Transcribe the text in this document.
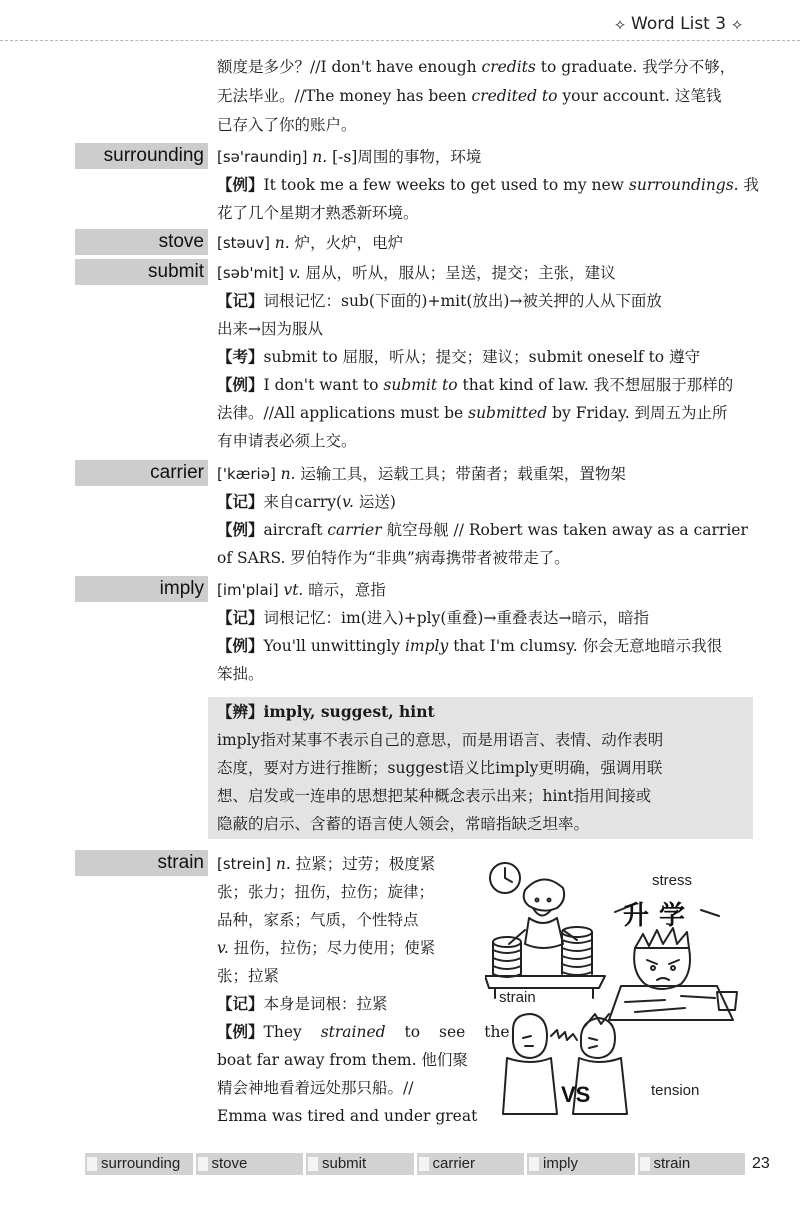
⟡ Word List 3 ⟡
额度是多少？//I don't have enough credits to graduate. 我学分不够，
无法毕业。//The money has been credited to your account. 这笔钱
已存入了你的账户。
surrounding [sə'raundiŋ] n. [-s]周围的事物，环境
【例】It took me a few weeks to get used to my new surroundings. 我
花了几个星期才熟悉新环境。
stove [stəuv] n. 炉，火炉，电炉
submit [səb'mit] v. 屈从，听从，服从；呈送，提交；主张，建议
【记】词根记忆：sub(下面的)+mit(放出)→被关押的人从下面放
出来→因为服从
【考】submit to 屈服，听从；提交；建议；submit oneself to 遵守
【例】I don't want to submit to that kind of law. 我不想屈服于那样的
法律。//All applications must be submitted by Friday. 到周五为止所
有申请表必须上交。
carrier ['kæriə] n. 运输工具，运载工具；带菌者；载重架，置物架
【记】来自carry(v. 运送)
【例】aircraft carrier 航空母舰 // Robert was taken away as a carrier
of SARS. 罗伯特作为“非典”病毒携带者被带走了。
imply [im'plai] vt. 暗示，意指
【记】词根记忆：im(进入)+ply(重叠)→重叠表达→暗示，暗指
【例】You'll unwittingly imply that I'm clumsy. 你会无意地暗示我很
笨拙。
【辨】imply, suggest, hint
imply指对某事不表示自己的意思，而是用语言、表情、动作表明
态度，要对方进行推断；suggest语义比imply更明确，强调用联
想、启发或一连串的思想把某种概念表示出来；hint指用间接或
隐蔽的启示、含蓄的语言使人领会，常暗指缺乏坦率。
strain [strein] n. 拉紧；过劳；极度紧
张；张力；扭伤，拉伤；旋律；
品种，家系；气质，个性特点
v. 扭伤，拉伤；尽力使用；使紧
张；拉紧
【记】本身是词根：拉紧
【例】They strained to see the
boat far away from them. 他们聚
精会神地看着远处那只船。//
Emma was tired and under great
strain
stress
升学
VS	tension
surrounding	stove	submit	carrier	imply	strain	23
